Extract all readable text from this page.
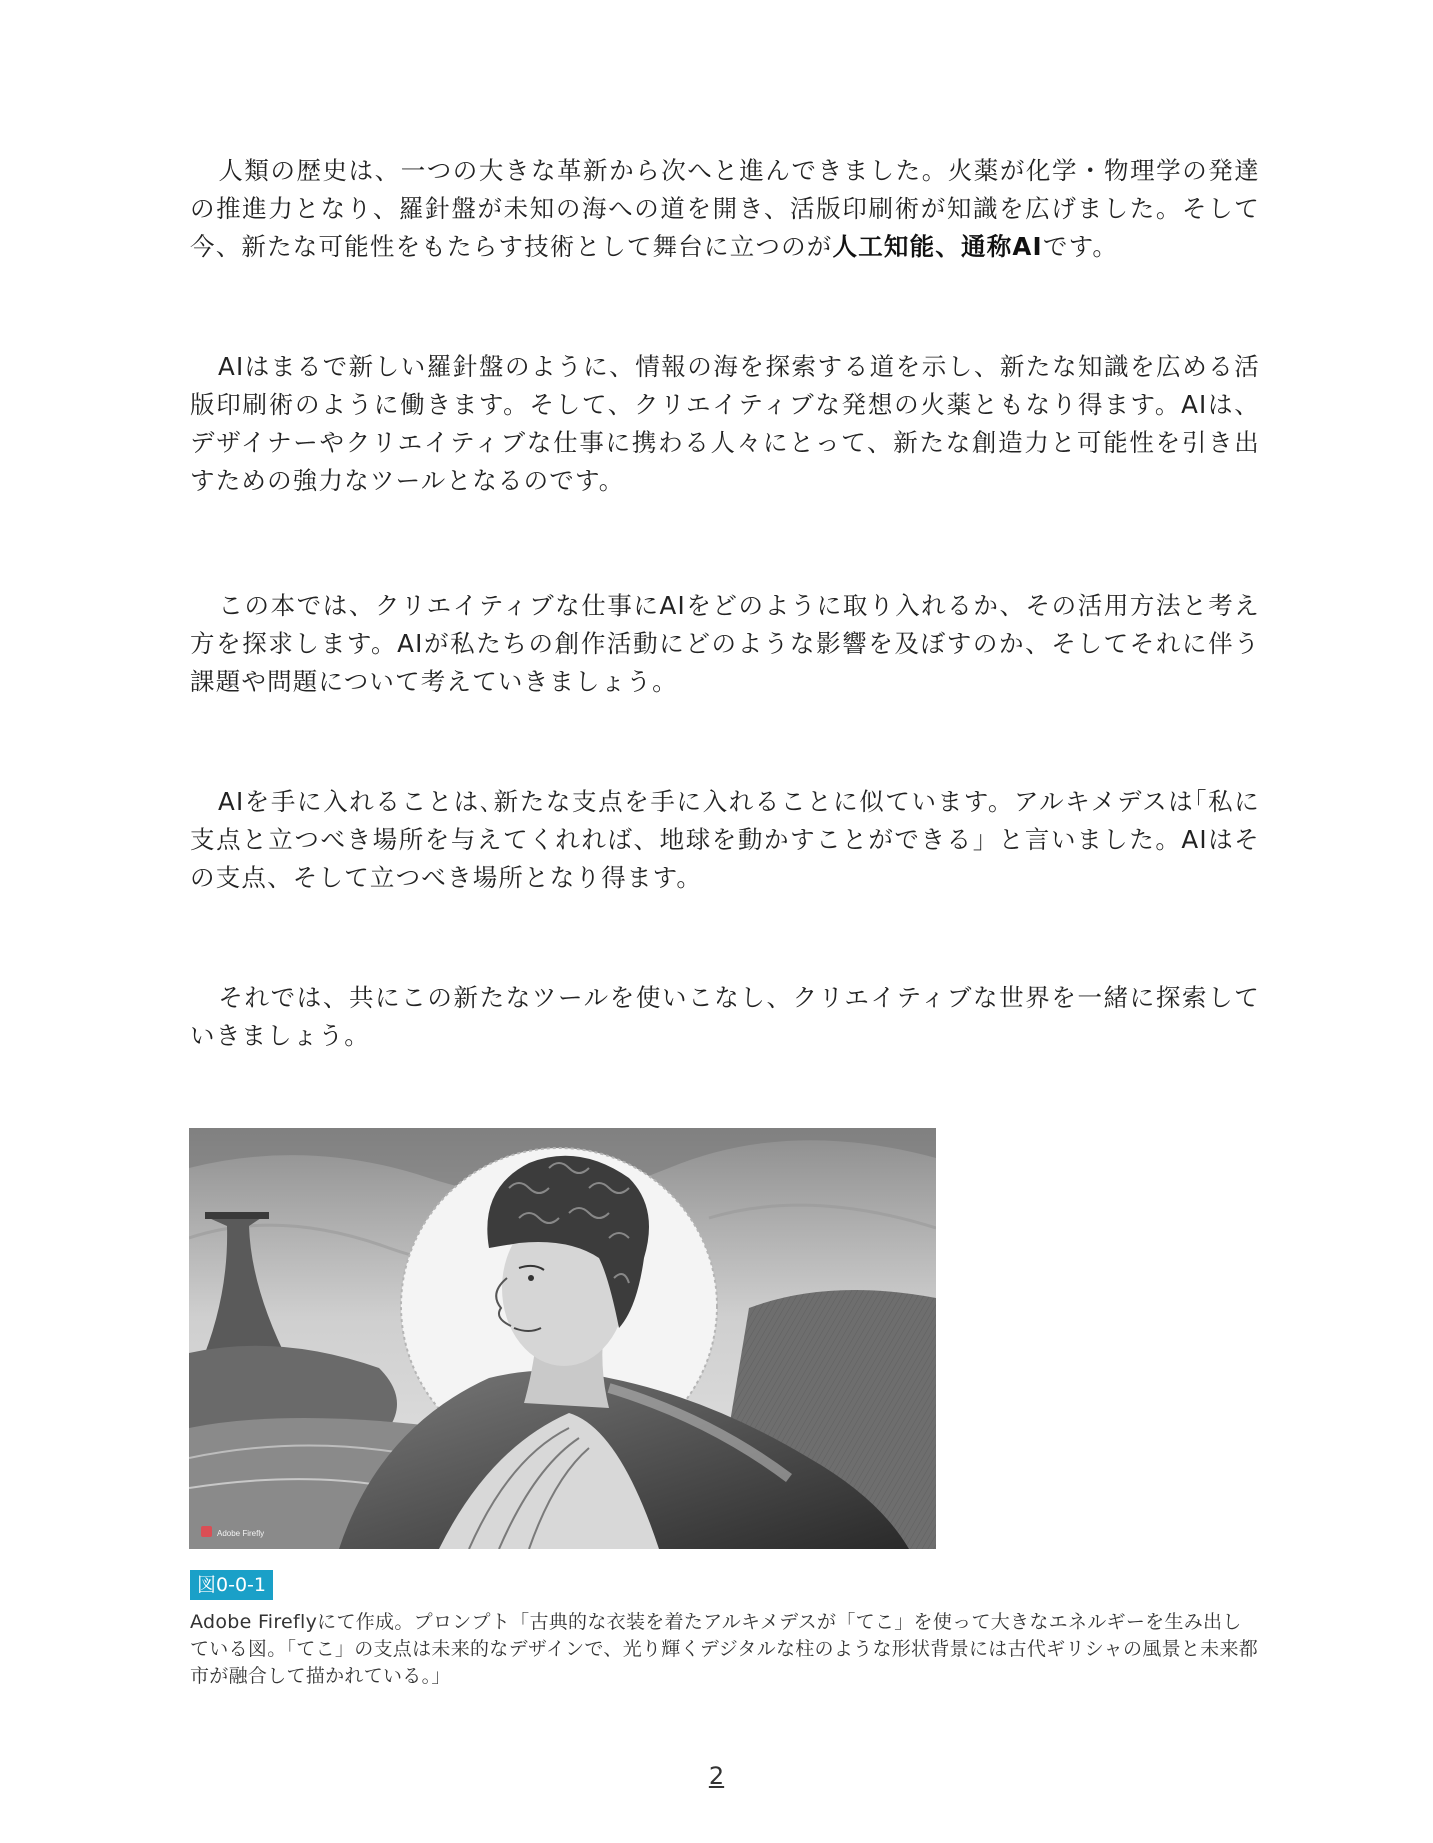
人類の歴史は、一つの大きな革新から次へと進んできました。火薬が化学・物理学の発達の推進力となり、羅針盤が未知の海への道を開き、活版印刷術が知識を広げました。そして今、新たな可能性をもたらす技術として舞台に立つのが人工知能、通称AIです。

AIはまるで新しい羅針盤のように、情報の海を探索する道を示し、新たな知識を広める活版印刷術のように働きます。そして、クリエイティブな発想の火薬ともなり得ます。AIは、デザイナーやクリエイティブな仕事に携わる人々にとって、新たな創造力と可能性を引き出すための強力なツールとなるのです。

この本では、クリエイティブな仕事にAIをどのように取り入れるか、その活用方法と考え方を探求します。AIが私たちの創作活動にどのような影響を及ぼすのか、そしてそれに伴う課題や問題について考えていきましょう。

AIを手に入れることは､新たな支点を手に入れることに似ています。アルキメデスは｢私に支点と立つべき場所を与えてくれれば、地球を動かすことができる」と言いました。AIはその支点、そして立つべき場所となり得ます。

それでは、共にこの新たなツールを使いこなし、クリエイティブな世界を一緒に探索していきましょう。

Adobe Firefly
図0-0-1

Adobe Fireflyにて作成。プロンプト「古典的な衣装を着たアルキメデスが「てこ」を使って大きなエネルギーを生み出している図｡「てこ」の支点は未来的なデザインで、光り輝くデジタルな柱のような形状背景には古代ギリシャの風景と未来都市が融合して描かれている。｣

2
